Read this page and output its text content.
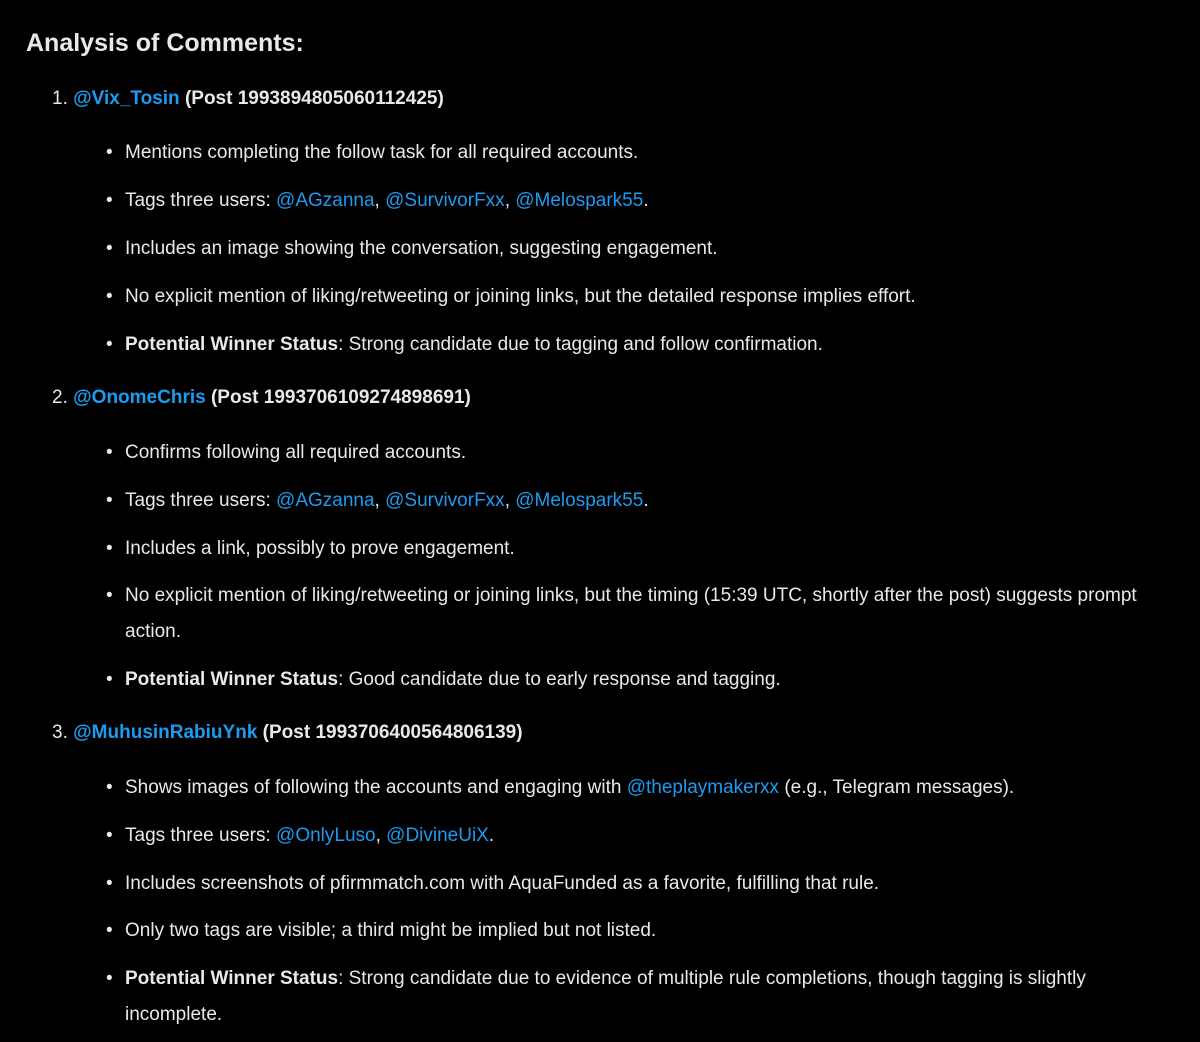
Analysis of Comments:
1. @Vix_Tosin (Post 1993894805060112425)
• Mentions completing the follow task for all required accounts.
• Tags three users: @AGzanna, @SurvivorFxx, @Melospark55.
• Includes an image showing the conversation, suggesting engagement.
• No explicit mention of liking/retweeting or joining links, but the detailed response implies effort.
• Potential Winner Status: Strong candidate due to tagging and follow confirmation.
2. @OnomeChris (Post 1993706109274898691)
• Confirms following all required accounts.
• Tags three users: @AGzanna, @SurvivorFxx, @Melospark55.
• Includes a link, possibly to prove engagement.
• No explicit mention of liking/retweeting or joining links, but the timing (15:39 UTC, shortly after the post) suggests prompt action.
• Potential Winner Status: Good candidate due to early response and tagging.
3. @MuhusinRabiuYnk (Post 1993706400564806139)
• Shows images of following the accounts and engaging with @theplaymakerxx (e.g., Telegram messages).
• Tags three users: @OnlyLuso, @DivineUiX.
• Includes screenshots of pfirmmatch.com with AquaFunded as a favorite, fulfilling that rule.
• Only two tags are visible; a third might be implied but not listed.
• Potential Winner Status: Strong candidate due to evidence of multiple rule completions, though tagging is slightly incomplete.
